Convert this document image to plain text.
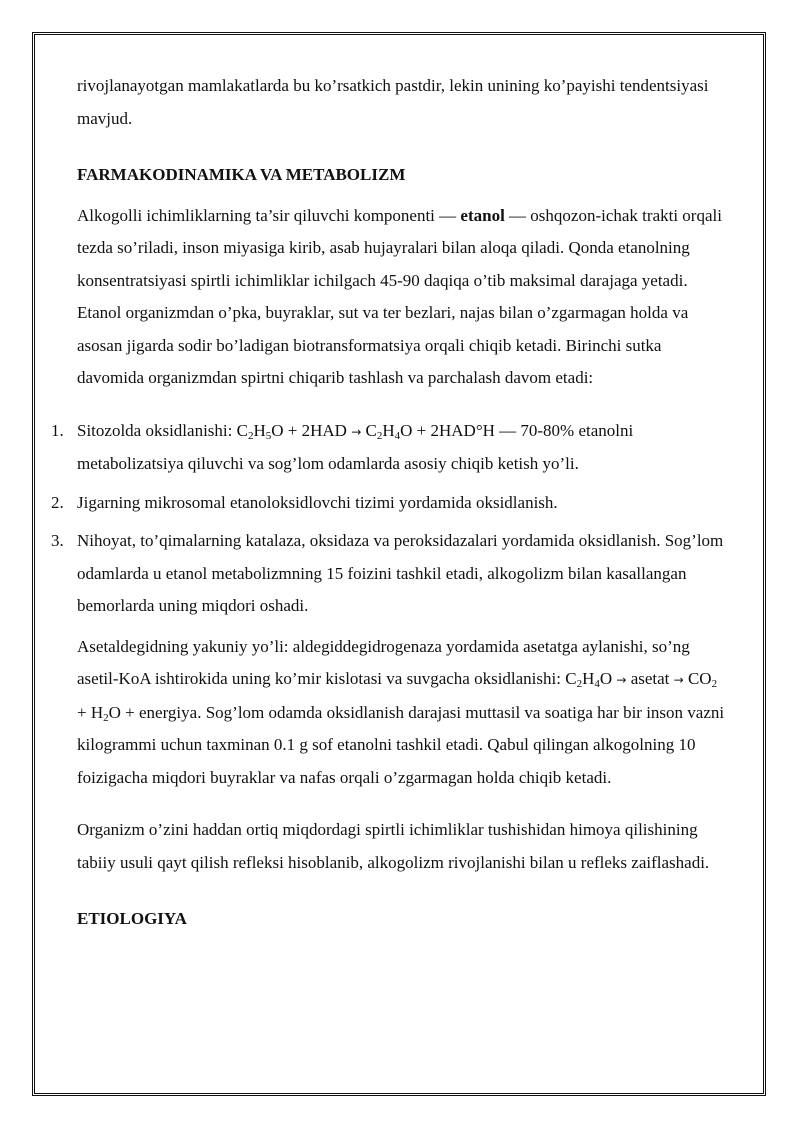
rivojlanayotgan mamlakatlarda bu ko’rsatkich pastdir, lekin unining ko’payishi tendentsiyasi mavjud.

FARMAKODINAMIKA VA METABOLIZM

Alkogolli ichimliklarning ta’sir qiluvchi komponenti — etanol — oshqozon-ichak trakti orqali tezda so’riladi, inson miyasiga kirib, asab hujayralari bilan aloqa qiladi. Qonda etanolning konsentratsiyasi spirtli ichimliklar ichilgach 45-90 daqiqa o’tib maksimal darajaga yetadi. Etanol organizmdan o’pka, buyraklar, sut va ter bezlari, najas bilan o’zgarmagan holda va asosan jigarda sodir bo’ladigan biotransformatsiya orqali chiqib ketadi. Birinchi sutka davomida organizmdan spirtni chiqarib tashlash va parchalash davom etadi:

1. Sitozolda oksidlanishi: $C_2H_5O + 2HAD \to C_2H_4O + 2HAD^\circ H$ — 70-80% etanolni metabolizatsiya qiluvchi va sog’lom odamlarda asosiy chiqib ketish yo’li.
2. Jigarning mikrosomal etanoloksidlovchi tizimi yordamida oksidlanish.
3. Nihoyat, to’qimalarning katalaza, oksidaza va peroksidazalari yordamida oksidlanish. Sog’lom odamlarda u etanol metabolizmning 15 foizini tashkil etadi, alkogolizm bilan kasallangan bemorlarda uning miqdori oshadi.

Asetaldegidning yakuniy yo’li: aldegiddegidrogenaza yordamida asetatga aylanishi, so’ng asetil-KoA ishtirokida uning ko’mir kislotasi va suvgacha oksidlanishi: $C_2H_4O$ → asetat → $CO_2 + H_2O$ + energiya. Sog’lom odamda oksidlanish darajasi muttasil va soatiga har bir inson vazni kilogrammi uchun taxminan 0.1 g sof etanolni tashkil etadi. Qabul qilingan alkogolning 10 foizigacha miqdori buyraklar va nafas orqali o’zgarmagan holda chiqib ketadi.

Organizm o’zini haddan ortiq miqdordagi spirtli ichimliklar tushishidan himoya qilishining tabiiy usuli qayt qilish refleksi hisoblanib, alkogolizm rivojlanishi bilan u refleks zaiflashadi.

ETIOLOGIYA
